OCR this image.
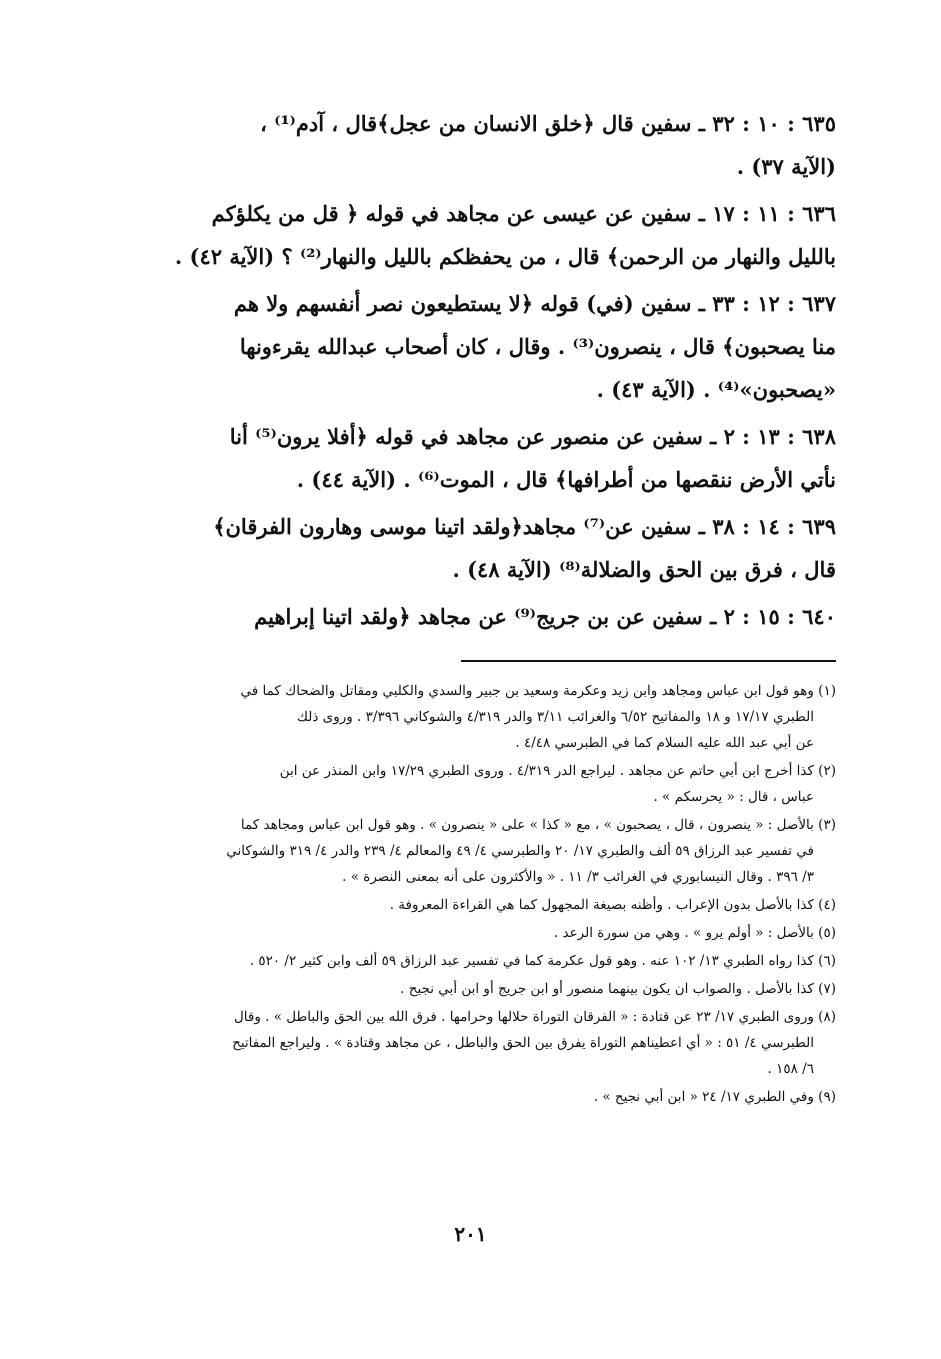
٦٣٥ : ١٠ : ٣٢ ـ سفين قال ﴿خلق الانسان من عجل﴾قال ، آدم⁽¹⁾ ،
(الآية ٣٧) .
٦٣٦ : ١١ : ١٧ ـ سفين عن عيسى عن مجاهد في قوله ﴿ قل من يكلؤكم
بالليل والنهار من الرحمن﴾ قال ، من يحفظكم بالليل والنهار⁽²⁾ ؟ (الآية ٤٢) .
٦٣٧ : ١٢ : ٣٣ ـ سفين (في) قوله ﴿لا يستطيعون نصر أنفسهم ولا هم
منا يصحبون﴾ قال ، ينصرون⁽³⁾ . وقال ، كان أصحاب عبدالله يقرءونها
«يصحبون»⁽⁴⁾ . (الآية ٤٣) .
٦٣٨ : ١٣ : ٢ ـ سفين عن منصور عن مجاهد في قوله ﴿أفلا يرون⁽⁵⁾ أنا
نأتي الأرض ننقصها من أطرافها﴾ قال ، الموت⁽⁶⁾ . (الآية ٤٤) .
٦٣٩ : ١٤ : ٣٨ ـ سفين عن⁽⁷⁾ مجاهد﴿ولقد اتينا موسى وهارون الفرقان﴾
قال ، فرق بين الحق والضلالة⁽⁸⁾ (الآية ٤٨) .
٦٤٠ : ١٥ : ٢ ـ سفين عن بن جريج⁽⁹⁾ عن مجاهد ﴿ولقد اتينا إبراهيم
(١) وهو قول ابن عباس ومجاهد وابن زيد وعكرمة وسعيد بن جبير والسدي والكلبي ومقاتل والضحاك كما في
الطبري ١٧/١٧ و ١٨ والمفاتيح ٦/٥٢ والغرائب ٣/١١ والدر ٤/٣١٩ والشوكاني ٣/٣٩٦ . وروى ذلك
عن أبي عبد الله عليه السلام كما في الطبرسي ٤/٤٨ .
(٢) كذا أخرج ابن أبي حاتم عن مجاهد . ليراجع الدر ٤/٣١٩ . وروى الطبري ١٧/٢٩ وابن المنذر عن ابن
عباس ، قال : « يحرسكم » .
(٣) بالأصل : « ينصرون ، قال ، يصحبون » ، مع « كذا » على « ينصرون » . وهو قول ابن عباس ومجاهد كما
في تفسير عبد الرزاق ٥٩ ألف والطبري ١٧/ ٢٠ والطبرسي ٤/ ٤٩ والمعالم ٤/ ٢٣٩ والدر ٤/ ٣١٩ والشوكاني
٣/ ٣٩٦ . وقال النيسابوري في الغرائب ٣/ ١١ . « والأكثرون على أنه بمعنى النصرة » .
(٤) كذا بالأصل بدون الإعراب . وأظنه بصيغة المجهول كما هي القراءة المعروفة .
(٥) بالأصل : « أولم يرو » . وهي من سورة الرعد .
(٦) كذا رواه الطبري ١٣/ ١٠٢ عنه . وهو قول عكرمة كما في تفسير عبد الرزاق ٥٩ ألف وابن كثير ٢/ ٥٢٠ .
(٧) كذا بالأصل . والصواب ان يكون بينهما منصور أو ابن جريج أو ابن أبي نجيح .
(٨) وروى الطبري ١٧/ ٢٣ عن قتادة : « الفرقان التوراة حلالها وحرامها . فرق الله بين الحق والباطل » . وقال
الطبرسي ٤/ ٥١ : « أي اعطيناهم التوراة يفرق بين الحق والباطل ، عن مجاهد وقتادة » . وليراجع المفاتيح
٦/ ١٥٨ .
(٩) وفي الطبري ١٧/ ٢٤ « ابن أبي نجيح » .
٢٠١
